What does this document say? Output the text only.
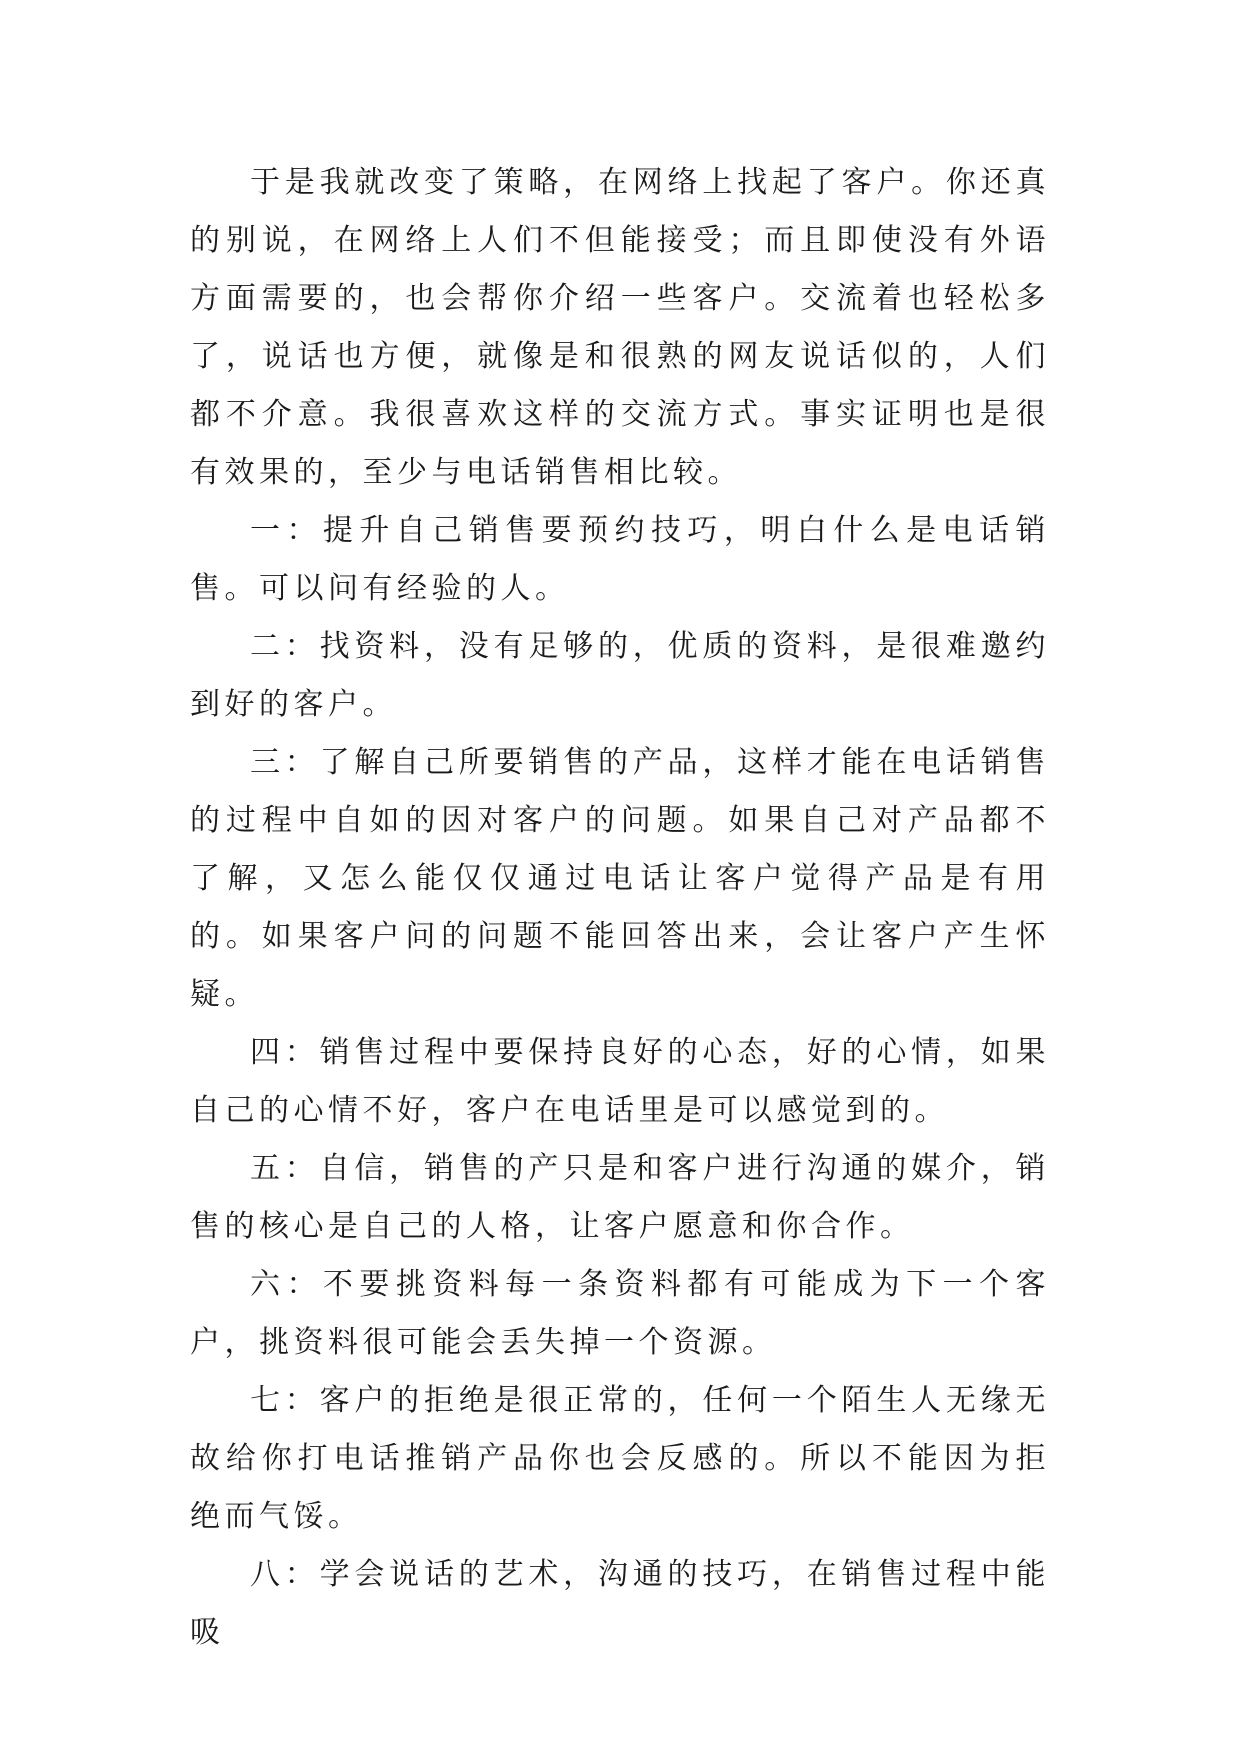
于是我就改变了策略，在网络上找起了客户。你还真的别说，在网络上人们不但能接受；而且即使没有外语方面需要的，也会帮你介绍一些客户。交流着也轻松多了，说话也方便，就像是和很熟的网友说话似的，人们都不介意。我很喜欢这样的交流方式。事实证明也是很有效果的，至少与电话销售相比较。

一：提升自己销售要预约技巧，明白什么是电话销售。可以问有经验的人。

二：找资料，没有足够的，优质的资料，是很难邀约到好的客户。

三：了解自己所要销售的产品，这样才能在电话销售的过程中自如的因对客户的问题。如果自己对产品都不了解，又怎么能仅仅通过电话让客户觉得产品是有用的。如果客户问的问题不能回答出来，会让客户产生怀疑。

四：销售过程中要保持良好的心态，好的心情，如果自己的心情不好，客户在电话里是可以感觉到的。

五：自信，销售的产只是和客户进行沟通的媒介，销售的核心是自己的人格，让客户愿意和你合作。

六：不要挑资料每一条资料都有可能成为下一个客户，挑资料很可能会丢失掉一个资源。

七：客户的拒绝是很正常的，任何一个陌生人无缘无故给你打电话推销产品你也会反感的。所以不能因为拒绝而气馁。

八：学会说话的艺术，沟通的技巧，在销售过程中能吸
